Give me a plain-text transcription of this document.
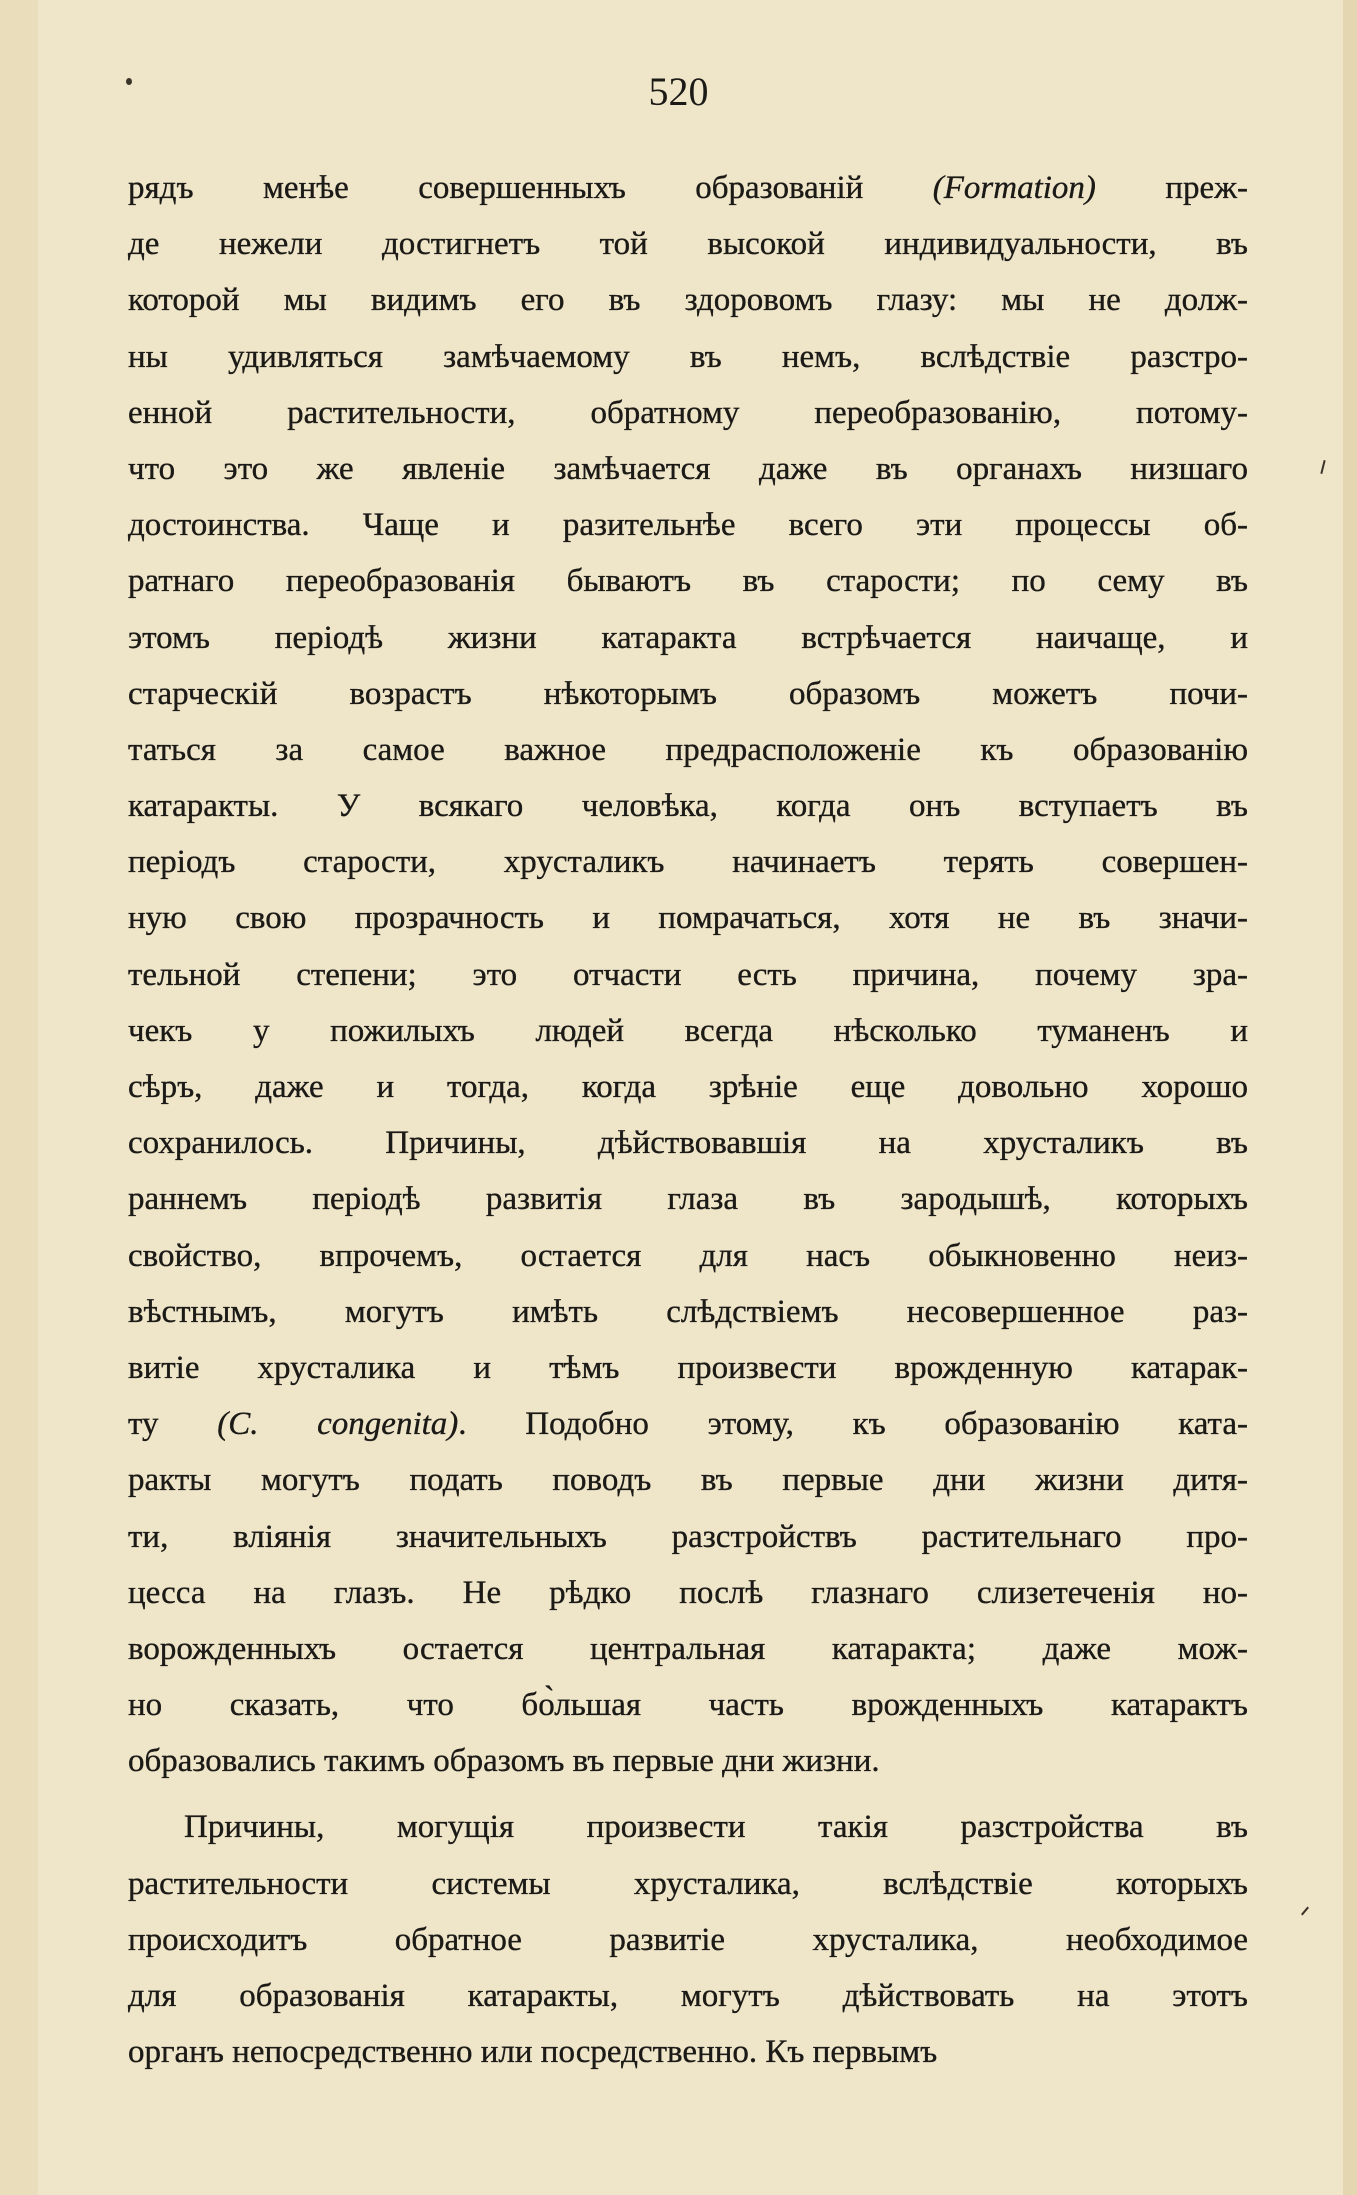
520
рядъ менѣе совершенныхъ образованій (Formation) преж-
де нежели достигнетъ той высокой индивидуальности, въ
которой мы видимъ его въ здоровомъ глазу: мы не долж-
ны удивляться замѣчаемому въ немъ, вслѣдствіе разстро-
енной растительности, обратному переобразованію, потому-
что это же явленіе замѣчается даже въ органахъ низшаго
достоинства. Чаще и разительнѣе всего эти процессы об-
ратнаго переобразованія бываютъ въ старости; по сему въ
этомъ періодѣ жизни катаракта встрѣчается наичаще, и
старческій возрастъ нѣкоторымъ образомъ можетъ почи-
таться за самое важное предрасположеніе къ образованію
катаракты. У всякаго человѣка, когда онъ вступаетъ въ
періодъ старости, хрусталикъ начинаетъ терять совершен-
ную свою прозрачность и помрачаться, хотя не въ значи-
тельной степени; это отчасти есть причина, почему зра-
чекъ у пожилыхъ людей всегда нѣсколько туманенъ и
сѣръ, даже и тогда, когда зрѣніе еще довольно хорошо
сохранилось. Причины, дѣйствовавшія на хрусталикъ въ
раннемъ періодѣ развитія глаза въ зародышѣ, которыхъ
свойство, впрочемъ, остается для насъ обыкновенно неиз-
вѣстнымъ, могутъ имѣть слѣдствіемъ несовершенное раз-
витіе хрусталика и тѣмъ произвести врожденную катарак-
ту (C. congenita). Подобно этому, къ образованію ката-
ракты могутъ подать поводъ въ первые дни жизни дитя-
ти, вліянія значительныхъ разстройствъ растительнаго про-
цесса на глазъ. Не рѣдко послѣ глазнаго слизетеченія но-
ворожденныхъ остается центральная катаракта; даже мож-
но сказать, что бо̀льшая часть врожденныхъ катарактъ
образовались такимъ образомъ въ первые дни жизни.
Причины, могущія произвести такія разстройства въ
растительности системы хрусталика, вслѣдствіе которыхъ
происходитъ обратное развитіе хрусталика, необходимое
для образованія катаракты, могутъ дѣйствовать на этотъ
органъ непосредственно или посредственно. Къ первымъ
